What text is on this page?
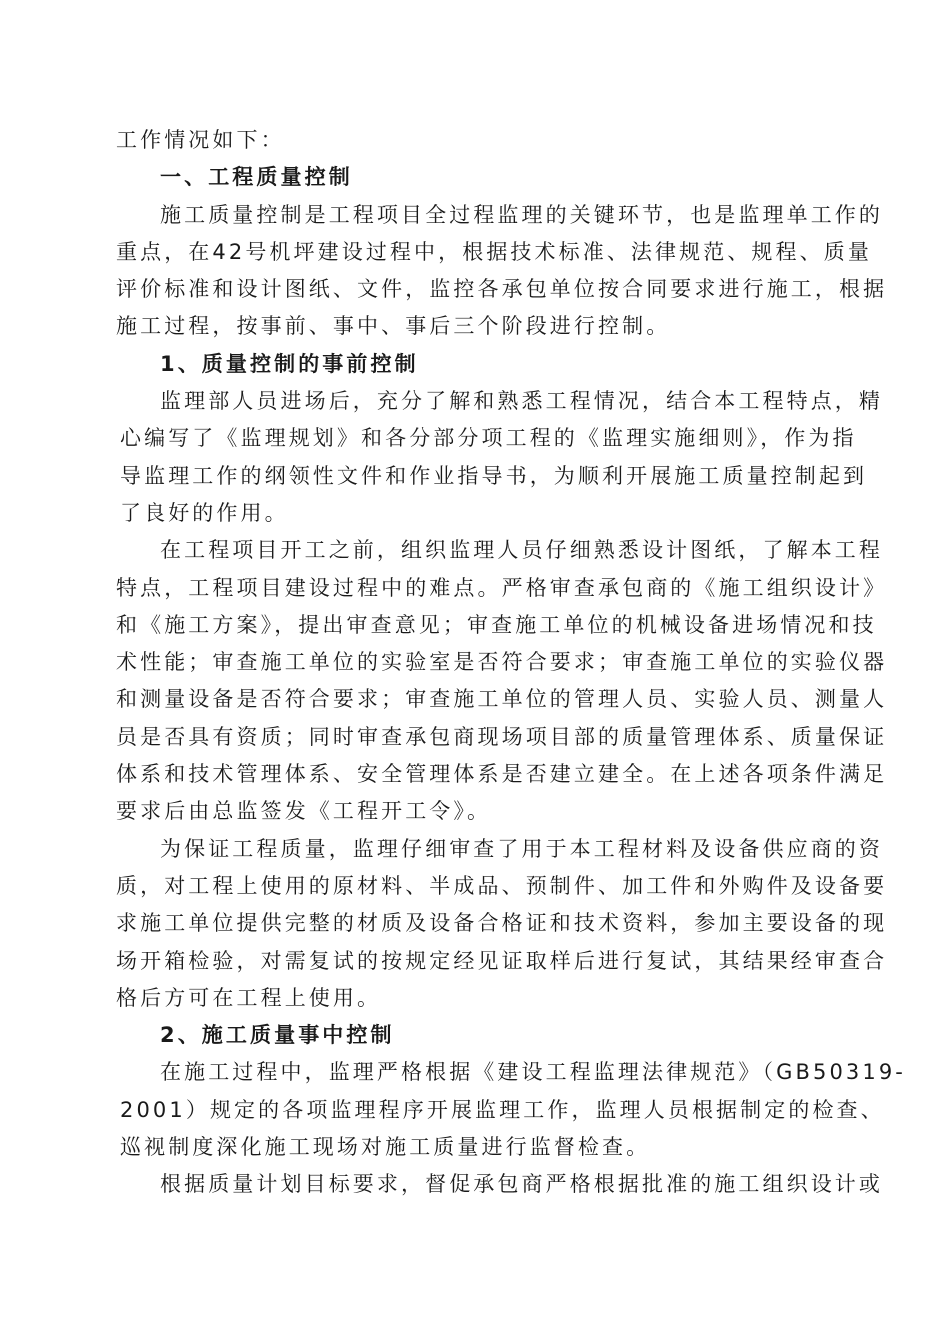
工作情况如下：
一、工程质量控制
施工质量控制是工程项目全过程监理的关键环节，也是监理单工作的
重点，在42号机坪建设过程中，根据技术标准、法律规范、规程、质量
评价标准和设计图纸、文件，监控各承包单位按合同要求进行施工，根据
施工过程，按事前、事中、事后三个阶段进行控制。
1、质量控制的事前控制
监理部人员进场后，充分了解和熟悉工程情况，结合本工程特点，精
心编写了《监理规划》和各分部分项工程的《监理实施细则》，作为指
导监理工作的纲领性文件和作业指导书，为顺利开展施工质量控制起到
了良好的作用。
在工程项目开工之前，组织监理人员仔细熟悉设计图纸，了解本工程
特点，工程项目建设过程中的难点。严格审查承包商的《施工组织设计》
和《施工方案》，提出审查意见；审查施工单位的机械设备进场情况和技
术性能；审查施工单位的实验室是否符合要求；审查施工单位的实验仪器
和测量设备是否符合要求；审查施工单位的管理人员、实验人员、测量人
员是否具有资质；同时审查承包商现场项目部的质量管理体系、质量保证
体系和技术管理体系、安全管理体系是否建立建全。在上述各项条件满足
要求后由总监签发《工程开工令》。
为保证工程质量，监理仔细审查了用于本工程材料及设备供应商的资
质，对工程上使用的原材料、半成品、预制件、加工件和外购件及设备要
求施工单位提供完整的材质及设备合格证和技术资料，参加主要设备的现
场开箱检验，对需复试的按规定经见证取样后进行复试，其结果经审查合
格后方可在工程上使用。
2、施工质量事中控制
在施工过程中，监理严格根据《建设工程监理法律规范》（GB50319-
2001）规定的各项监理程序开展监理工作，监理人员根据制定的检查、
巡视制度深化施工现场对施工质量进行监督检查。
根据质量计划目标要求，督促承包商严格根据批准的施工组织设计或
